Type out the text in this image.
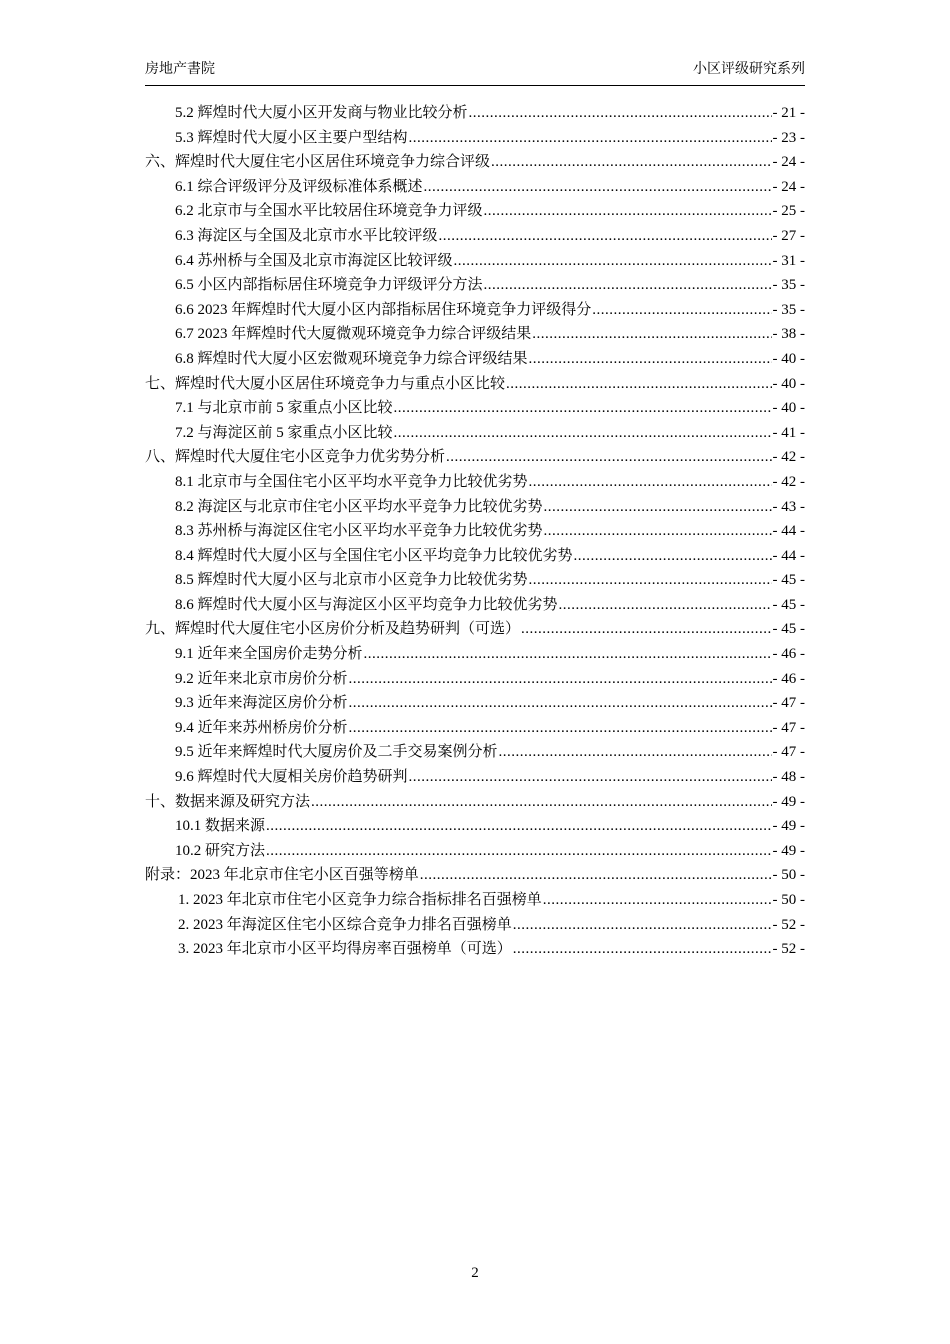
房地产書院	小区评级研究系列
5.2 辉煌时代大厦小区开发商与物业比较分析 .....	- 21 -
5.3 辉煌时代大厦小区主要户型结构 .....	- 23 -
六、辉煌时代大厦住宅小区居住环境竞争力综合评级 .....	- 24 -
6.1 综合评级评分及评级标准体系概述 .....	- 24 -
6.2 北京市与全国水平比较居住环境竞争力评级 .....	- 25 -
6.3 海淀区与全国及北京市水平比较评级 .....	- 27 -
6.4 苏州桥与全国及北京市海淀区比较评级 .....	- 31 -
6.5 小区内部指标居住环境竞争力评级评分方法 .....	- 35 -
6.6 2023 年辉煌时代大厦小区内部指标居住环境竞争力评级得分 .....	- 35 -
6.7 2023 年辉煌时代大厦微观环境竞争力综合评级结果 .....	- 38 -
6.8 辉煌时代大厦小区宏微观环境竞争力综合评级结果 .....	- 40 -
七、辉煌时代大厦小区居住环境竞争力与重点小区比较 .....	- 40 -
7.1 与北京市前 5 家重点小区比较 .....	- 40 -
7.2 与海淀区前 5 家重点小区比较 .....	- 41 -
八、辉煌时代大厦住宅小区竞争力优劣势分析 .....	- 42 -
8.1 北京市与全国住宅小区平均水平竞争力比较优劣势 .....	- 42 -
8.2 海淀区与北京市住宅小区平均水平竞争力比较优劣势 .....	- 43 -
8.3 苏州桥与海淀区住宅小区平均水平竞争力比较优劣势 .....	- 44 -
8.4 辉煌时代大厦小区与全国住宅小区平均竞争力比较优劣势 .....	- 44 -
8.5 辉煌时代大厦小区与北京市小区竞争力比较优劣势 .....	- 45 -
8.6 辉煌时代大厦小区与海淀区小区平均竞争力比较优劣势 .....	- 45 -
九、辉煌时代大厦住宅小区房价分析及趋势研判（可选） .....	- 45 -
9.1 近年来全国房价走势分析 .....	- 46 -
9.2 近年来北京市房价分析 .....	- 46 -
9.3 近年来海淀区房价分析 .....	- 47 -
9.4 近年来苏州桥房价分析 .....	- 47 -
9.5 近年来辉煌时代大厦房价及二手交易案例分析 .....	- 47 -
9.6 辉煌时代大厦相关房价趋势研判 .....	- 48 -
十、数据来源及研究方法 .....	- 49 -
10.1 数据来源 .....	- 49 -
10.2 研究方法 .....	- 49 -
附录：2023 年北京市住宅小区百强等榜单 .....	- 50 -
1. 2023 年北京市住宅小区竞争力综合指标排名百强榜单 .....	- 50 -
2. 2023 年海淀区住宅小区综合竞争力排名百强榜单 .....	- 52 -
3. 2023 年北京市小区平均得房率百强榜单（可选） .....	- 52 -
2
